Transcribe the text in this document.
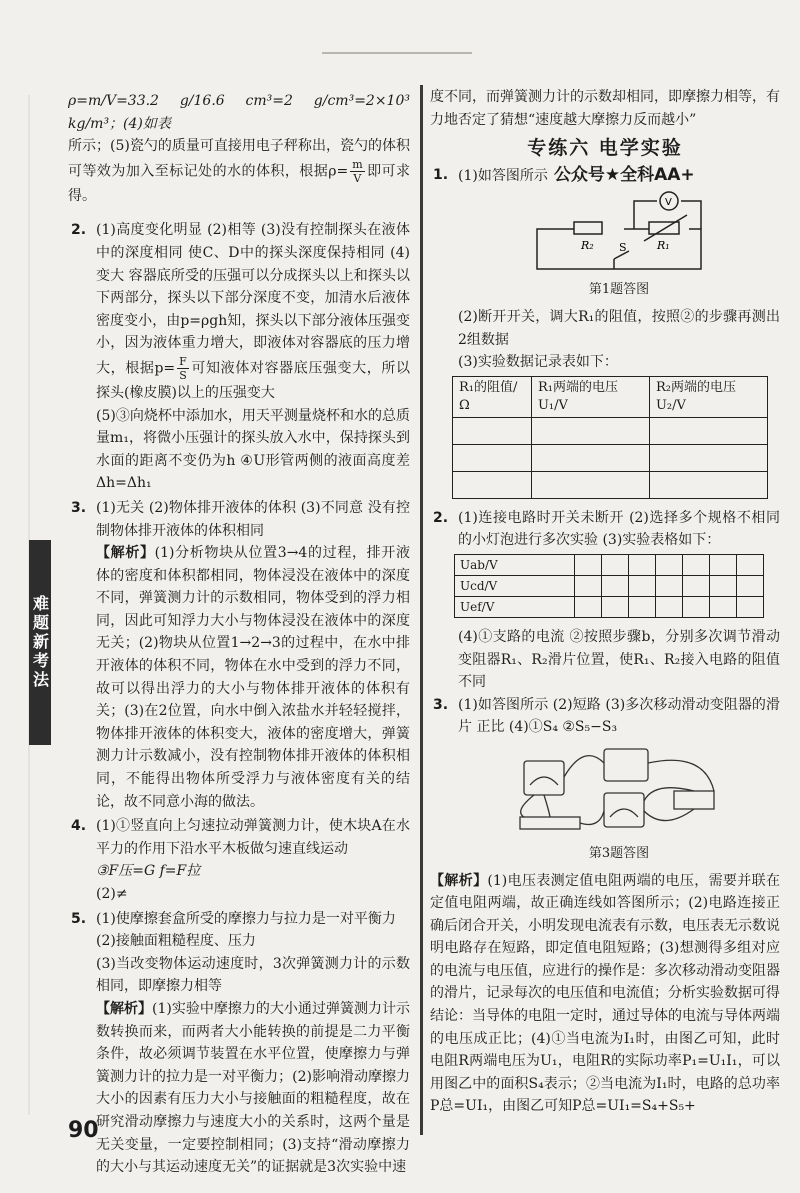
难题新考法

ρ=m/V=33.2 g/16.6 cm³=2 g/cm³=2×10³ kg/m³；(4)如表

所示；(5)瓷勺的质量可直接用电子秤称出，瓷勺的体积可等效为加入至标记处的水的体积，根据$\rho= \frac{m}{V}$ 即可求得。

2. (1)高度变化明显 (2)相等 (3)没有控制探头在液体中的深度相同 使C、D中的探头深度保持相同 (4)变大 容器底所受的压强可以分成探头以上和探头以下两部分，探头以下部分深度不变，加清水后液体密度变小，由p=ρgh知，探头以下部分液体压强变小，因为液体重力增大，即液体对容器底的压力增大，根据$p= \frac{F}{S}$ 可知液体对容器底压强变大，所以探头(橡皮膜)以上的压强变大

(5)③向烧杯中添加水，用天平测量烧杯和水的总质量m₁，将微小压强计的探头放入水中，保持探头到水面的距离不变仍为h ④U形管两侧的液面高度差Δh=Δh₁

3. (1)无关 (2)物体排开液体的体积 (3)不同意 没有控制物体排开液体的体积相同

【解析】(1)分析物块从位置3→4的过程，排开液体的密度和体积都相同，物体浸没在液体中的深度不同，弹簧测力计的示数相同，物体受到的浮力相同，因此可知浮力大小与物体浸没在液体中的深度无关；(2)物块从位置1→2→3的过程中，在水中排开液体的体积不同，物体在水中受到的浮力不同，故可以得出浮力的大小与物体排开液体的体积有关；(3)在2位置，向水中倒入浓盐水并轻轻搅拌，物体排开液体的体积变大，液体的密度增大，弹簧测力计示数减小，没有控制物体排开液体的体积相同，不能得出物体所受浮力与液体密度有关的结论，故不同意小海的做法。

4. (1)①竖直向上匀速拉动弹簧测力计，使木块A在水平力的作用下沿水平木板做匀速直线运动

③F压=G f=F拉

(2)≠

5. (1)使摩擦套盒所受的摩擦力与拉力是一对平衡力

(2)接触面粗糙程度、压力

(3)当改变物体运动速度时，3次弹簧测力计的示数相同，即摩擦力相等

【解析】(1)实验中摩擦力的大小通过弹簧测力计示数转换而来，而两者大小能转换的前提是二力平衡条件，故必须调节装置在水平位置，使摩擦力与弹簧测力计的拉力是一对平衡力；(2)影响滑动摩擦力大小的因素有压力大小与接触面的粗糙程度，故在研究滑动摩擦力与速度大小的关系时，这两个量是无关变量，一定要控制相同；(3)支持“滑动摩擦力的大小与其运动速度无关”的证据就是3次实验中速

度不同，而弹簧测力计的示数却相同，即摩擦力相等，有力地否定了猜想“速度越大摩擦力反而越小”

专练六 电学实验
1. (1)如答图所示 公众号★全科AA+

V
R₂	R₁
S
第1题答图

(2)断开开关，调大R₁的阻值，按照②的步骤再测出2组数据

(3)实验数据记录表如下：

R₁的阻值/Ω	R₁两端的电压U₁/V	R₂两端的电压U₂/V

2. (1)连接电路时开关未断开 (2)选择多个规格不相同的小灯泡进行多次实验 (3)实验表格如下：

Uab/V							
Ucd/V							
Uef/V							

(4)①支路的电流 ②按照步骤b，分别多次调节滑动变阻器R₁、R₂滑片位置，使R₁、R₂接入电路的阻值不同

3. (1)如答图所示 (2)短路 (3)多次移动滑动变阻器的滑片 正比 (4)①S₄ ②S₅−S₃

第3题答图

【解析】(1)电压表测定值电阻两端的电压，需要并联在定值电阻两端，故正确连线如答图所示；(2)电路连接正确后闭合开关，小明发现电流表有示数，电压表无示数说明电路存在短路，即定值电阻短路；(3)想测得多组对应的电流与电压值，应进行的操作是：多次移动滑动变阻器的滑片，记录每次的电压值和电流值；分析实验数据可得结论：当导体的电阻一定时，通过导体的电流与导体两端的电压成正比；(4)①当电流为I₁时，由图乙可知，此时电阻R两端电压为U₁，电阻R的实际功率P₁=U₁I₁，可以用图乙中的面积S₄表示；②当电流为I₁时，电路的总功率P总=UI₁，由图乙可知P总=UI₁=S₄+S₅+

90
